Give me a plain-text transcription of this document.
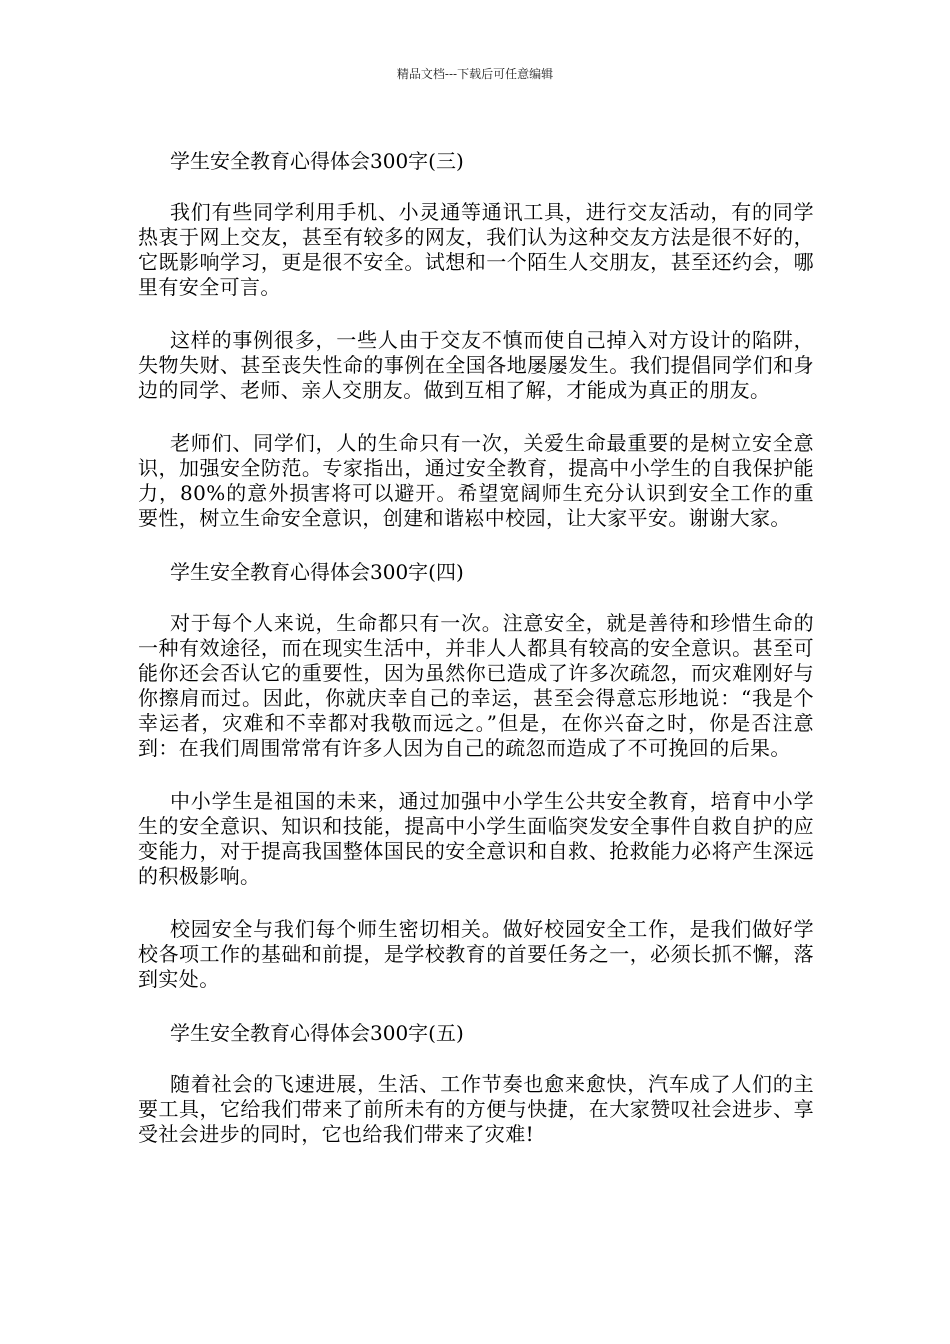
精品文档---下载后可任意编辑

学生安全教育心得体会300字(三)

我们有些同学利用手机、小灵通等通讯工具，进行交友活动，有的同学热衷于网上交友，甚至有较多的网友，我们认为这种交友方法是很不好的，它既影响学习，更是很不安全。试想和一个陌生人交朋友，甚至还约会，哪里有安全可言。

这样的事例很多，一些人由于交友不慎而使自己掉入对方设计的陷阱，失物失财、甚至丧失性命的事例在全国各地屡屡发生。我们提倡同学们和身边的同学、老师、亲人交朋友。做到互相了解，才能成为真正的朋友。

老师们、同学们，人的生命只有一次，关爱生命最重要的是树立安全意识，加强安全防范。专家指出，通过安全教育，提高中小学生的自我保护能力，80%的意外损害将可以避开。希望宽阔师生充分认识到安全工作的重要性，树立生命安全意识，创建和谐崧中校园，让大家平安。谢谢大家。

学生安全教育心得体会300字(四)

对于每个人来说，生命都只有一次。注意安全，就是善待和珍惜生命的一种有效途径，而在现实生活中，并非人人都具有较高的安全意识。甚至可能你还会否认它的重要性，因为虽然你已造成了许多次疏忽，而灾难刚好与你擦肩而过。因此，你就庆幸自己的幸运，甚至会得意忘形地说：“我是个幸运者，灾难和不幸都对我敬而远之。”但是，在你兴奋之时，你是否注意到：在我们周围常常有许多人因为自己的疏忽而造成了不可挽回的后果。

中小学生是祖国的未来，通过加强中小学生公共安全教育，培育中小学生的安全意识、知识和技能，提高中小学生面临突发安全事件自救自护的应变能力，对于提高我国整体国民的安全意识和自救、抢救能力必将产生深远的积极影响。

校园安全与我们每个师生密切相关。做好校园安全工作，是我们做好学校各项工作的基础和前提，是学校教育的首要任务之一，必须长抓不懈，落到实处。

学生安全教育心得体会300字(五)

随着社会的飞速进展，生活、工作节奏也愈来愈快，汽车成了人们的主要工具，它给我们带来了前所未有的方便与快捷，在大家赞叹社会进步、享受社会进步的同时，它也给我们带来了灾难!
